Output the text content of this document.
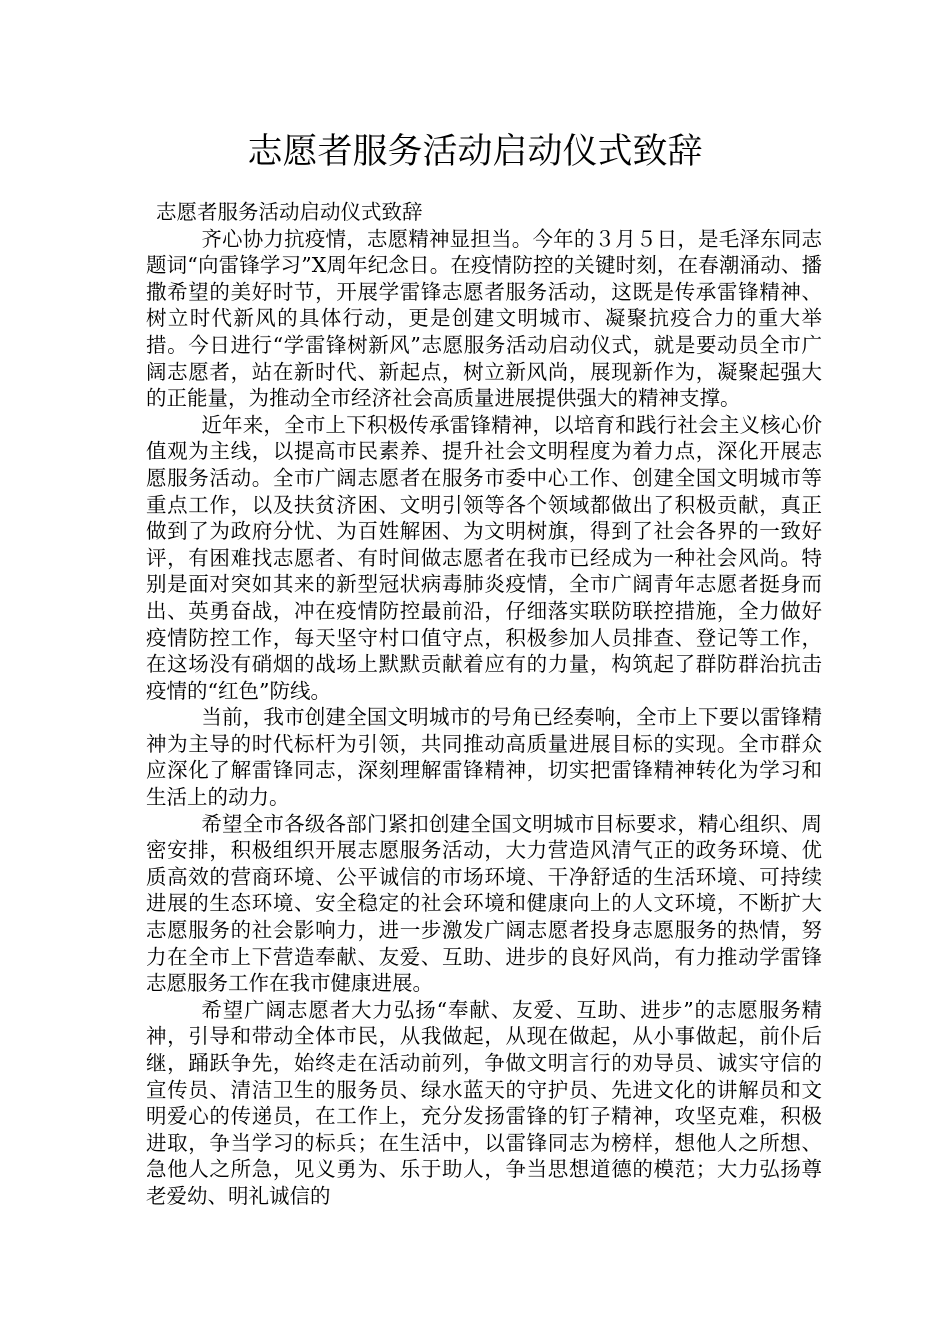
志愿者服务活动启动仪式致辞

志愿者服务活动启动仪式致辞

齐心协力抗疫情，志愿精神显担当。今年的３月５日，是毛泽东同志题词“向雷锋学习”X周年纪念日。在疫情防控的关键时刻，在春潮涌动、播撒希望的美好时节，开展学雷锋志愿者服务活动，这既是传承雷锋精神、树立时代新风的具体行动，更是创建文明城市、凝聚抗疫合力的重大举措。今日进行“学雷锋树新风”志愿服务活动启动仪式，就是要动员全市广阔志愿者，站在新时代、新起点，树立新风尚，展现新作为，凝聚起强大的正能量，为推动全市经济社会高质量进展提供强大的精神支撑。

近年来，全市上下积极传承雷锋精神，以培育和践行社会主义核心价值观为主线，以提高市民素养、提升社会文明程度为着力点，深化开展志愿服务活动。全市广阔志愿者在服务市委中心工作、创建全国文明城市等重点工作，以及扶贫济困、文明引领等各个领域都做出了积极贡献，真正做到了为政府分忧、为百姓解困、为文明树旗，得到了社会各界的一致好评，有困难找志愿者、有时间做志愿者在我市已经成为一种社会风尚。特别是面对突如其来的新型冠状病毒肺炎疫情，全市广阔青年志愿者挺身而出、英勇奋战，冲在疫情防控最前沿，仔细落实联防联控措施，全力做好疫情防控工作，每天坚守村口值守点，积极参加人员排查、登记等工作，在这场没有硝烟的战场上默默贡献着应有的力量，构筑起了群防群治抗击疫情的“红色”防线。

当前，我市创建全国文明城市的号角已经奏响，全市上下要以雷锋精神为主导的时代标杆为引领，共同推动高质量进展目标的实现。全市群众应深化了解雷锋同志，深刻理解雷锋精神，切实把雷锋精神转化为学习和生活上的动力。

希望全市各级各部门紧扣创建全国文明城市目标要求，精心组织、周密安排，积极组织开展志愿服务活动，大力营造风清气正的政务环境、优质高效的营商环境、公平诚信的市场环境、干净舒适的生活环境、可持续进展的生态环境、安全稳定的社会环境和健康向上的人文环境，不断扩大志愿服务的社会影响力，进一步激发广阔志愿者投身志愿服务的热情，努力在全市上下营造奉献、友爱、互助、进步的良好风尚，有力推动学雷锋志愿服务工作在我市健康进展。

希望广阔志愿者大力弘扬“奉献、友爱、互助、进步”的志愿服务精神，引导和带动全体市民，从我做起，从现在做起，从小事做起，前仆后继，踊跃争先，始终走在活动前列，争做文明言行的劝导员、诚实守信的宣传员、清洁卫生的服务员、绿水蓝天的守护员、先进文化的讲解员和文明爱心的传递员，在工作上，充分发扬雷锋的钉子精神，攻坚克难，积极进取，争当学习的标兵；在生活中，以雷锋同志为榜样，想他人之所想、急他人之所急，见义勇为、乐于助人，争当思想道德的模范；大力弘扬尊老爱幼、明礼诚信的
